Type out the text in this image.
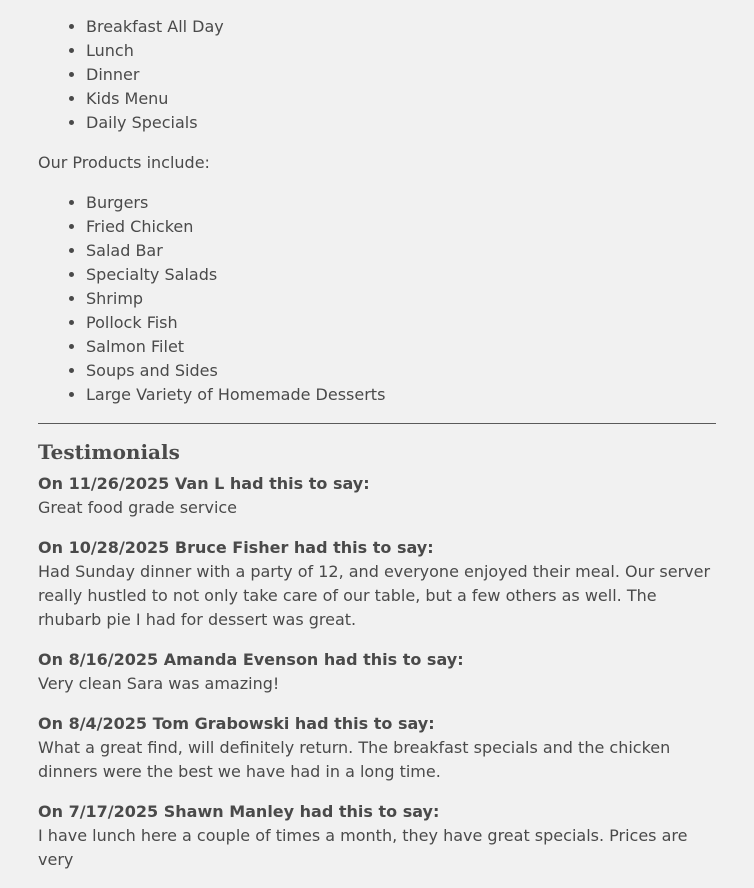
• Breakfast All Day
• Lunch
• Dinner
• Kids Menu
• Daily Specials

Our Products include:

• Burgers
• Fried Chicken
• Salad Bar
• Specialty Salads
• Shrimp
• Pollock Fish
• Salmon Filet
• Soups and Sides
• Large Variety of Homemade Desserts
Testimonials
On 11/26/2025 Van L had this to say:
Great food grade service
On 10/28/2025 Bruce Fisher had this to say:
Had Sunday dinner with a party of 12, and everyone enjoyed their meal. Our server really hustled to not only take care of our table, but a few others as well. The rhubarb pie I had for dessert was great.
On 8/16/2025 Amanda Evenson had this to say:
Very clean Sara was amazing!
On 8/4/2025 Tom Grabowski had this to say:
What a great find, will definitely return. The breakfast specials and the chicken dinners were the best we have had in a long time.
On 7/17/2025 Shawn Manley had this to say:
I have lunch here a couple of times a month, they have great specials. Prices are very
